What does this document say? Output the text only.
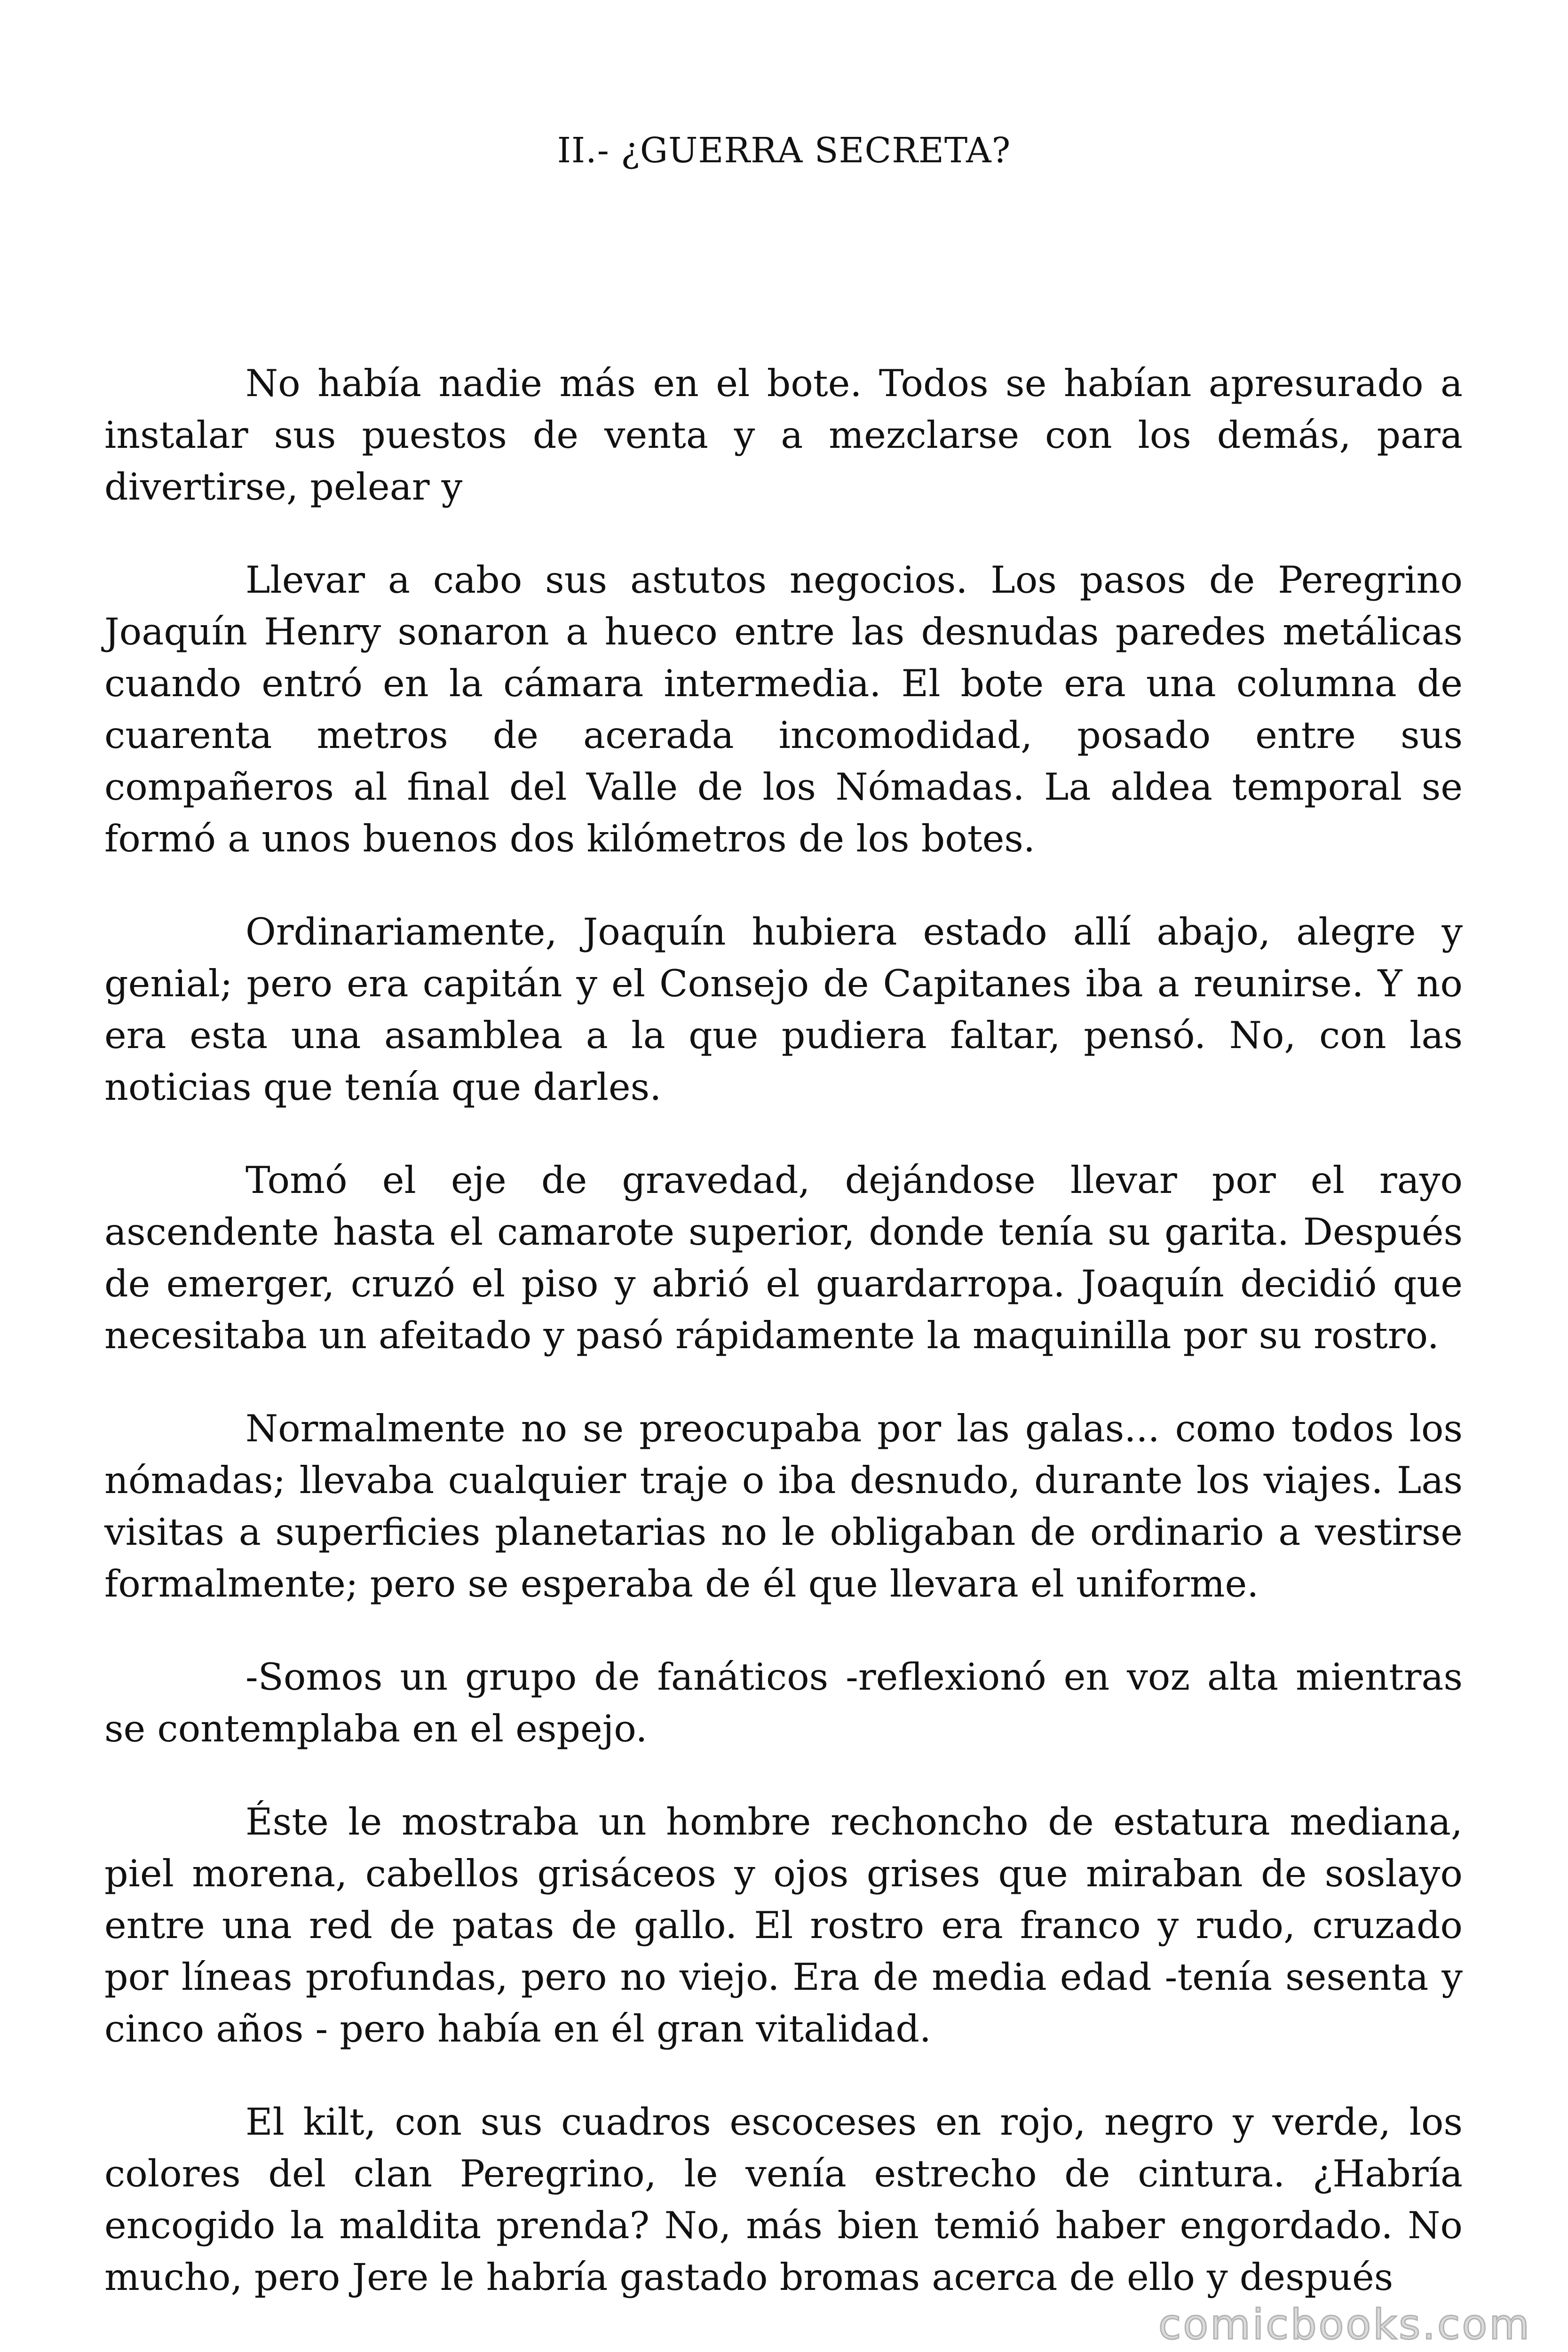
II.- ¿GUERRA SECRETA?

No había nadie más en el bote. Todos se habían apresurado a instalar sus puestos de venta y a mezclarse con los demás, para divertirse, pelear y

Llevar a cabo sus astutos negocios. Los pasos de Peregrino Joaquín Henry sonaron a hueco entre las desnudas paredes metálicas cuando entró en la cámara intermedia. El bote era una columna de cuarenta metros de acerada incomodidad, posado entre sus compañeros al final del Valle de los Nómadas. La aldea temporal se formó a unos buenos dos kilómetros de los botes.

Ordinariamente, Joaquín hubiera estado allí abajo, alegre y genial; pero era capitán y el Consejo de Capitanes iba a reunirse. Y no era esta una asamblea a la que pudiera faltar, pensó. No, con las noticias que tenía que darles.

Tomó el eje de gravedad, dejándose llevar por el rayo ascendente hasta el camarote superior, donde tenía su garita. Después de emerger, cruzó el piso y abrió el guardarropa. Joaquín decidió que necesitaba un afeitado y pasó rápidamente la maquinilla por su rostro.

Normalmente no se preocupaba por las galas... como todos los nómadas; llevaba cualquier traje o iba desnudo, durante los viajes. Las visitas a superficies planetarias no le obligaban de ordinario a vestirse formalmente; pero se esperaba de él que llevara el uniforme.

-Somos un grupo de fanáticos -reflexionó en voz alta mientras se contemplaba en el espejo.

Éste le mostraba un hombre rechoncho de estatura mediana, piel morena, cabellos grisáceos y ojos grises que miraban de soslayo entre una red de patas de gallo. El rostro era franco y rudo, cruzado por líneas profundas, pero no viejo. Era de media edad -tenía sesenta y cinco años - pero había en él gran vitalidad.

El kilt, con sus cuadros escoceses en rojo, negro y verde, los colores del clan Peregrino, le venía estrecho de cintura. ¿Habría encogido la maldita prenda? No, más bien temió haber engordado. No mucho, pero Jere le habría gastado bromas acerca de ello y después

comicbooks.com
